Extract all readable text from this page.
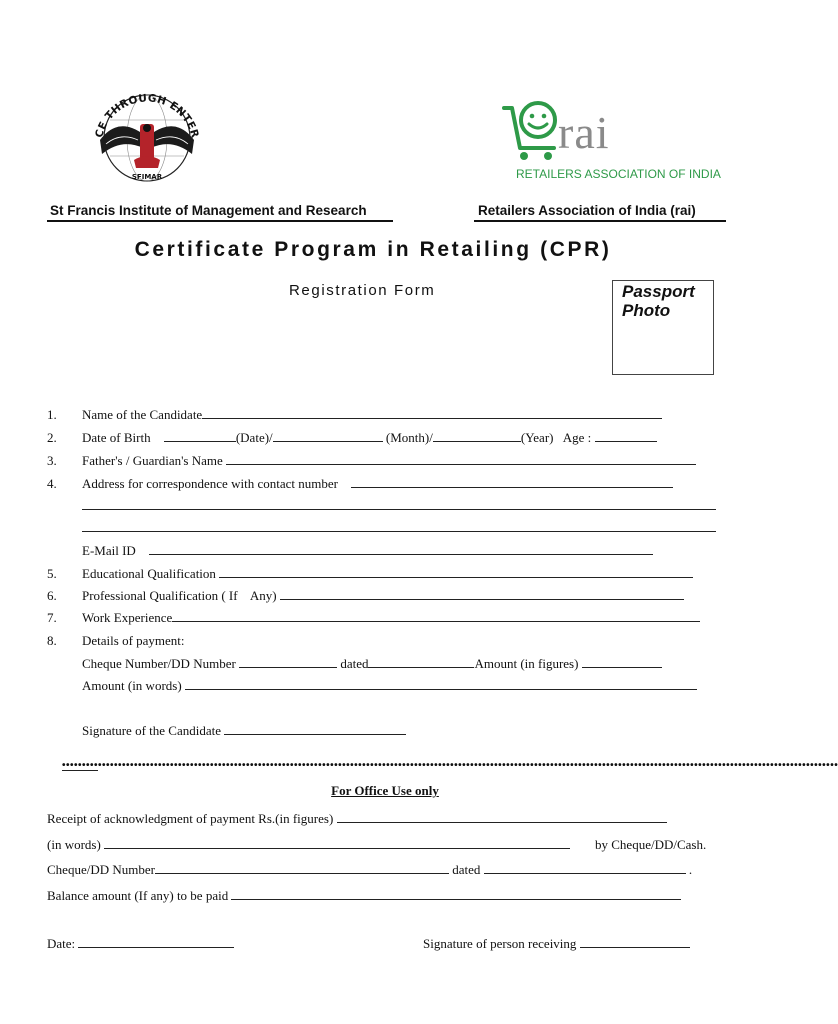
CE THROUGH ENTER
SFIMAR
rai
RETAILERS ASSOCIATION OF INDIA
St Francis Institute of Management and Research	Retailers Association of India (rai)
Certificate Program in Retailing (CPR)
Registration Form	Passport
Photo
1. Name of the Candidate
2. Date of Birth	(Date)/	(Month)/	(Year) Age :
3. Father's / Guardian's Name
4. Address for correspondence with contact number
E-Mail ID
5. Educational Qualification
6. Professional Qualification ( If    Any)
7. Work Experience
8. Details of payment:
Cheque Number/DD Number	dated	Amount (in figures)
Amount (in words)
Signature of the Candidate
••••••••••••••••••••••••••••••••••••••••••••••••••••••••••••••••••••••••••••••••••••••••••••••••••••••••••••••••••••••••••••••••••••••••••••••••••••••••••••••••••••••••••••••••••••••••••••••••••
For Office Use only
Receipt of acknowledgment of payment Rs.(in figures)
(in words)	by Cheque/DD/Cash.
Cheque/DD Number	dated	.
Balance amount (If any) to be paid
Date:	Signature of person receiving
